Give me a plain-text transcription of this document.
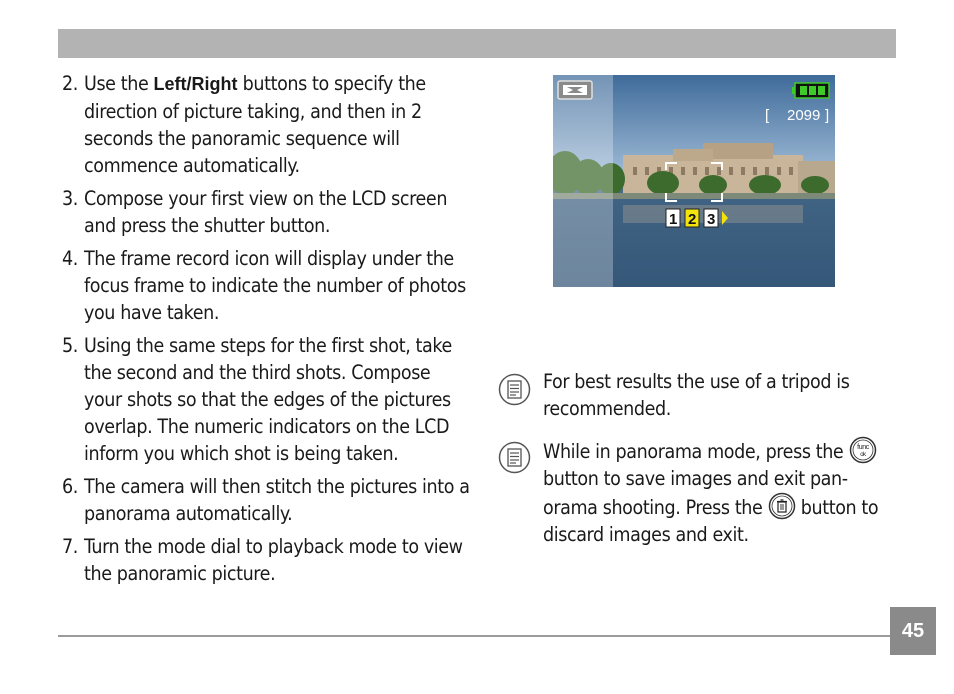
2. Use the Left/Right buttons to specify the direction of picture taking, and then in 2 seconds the panoramic sequence will commence automatically.
3. Compose your first view on the LCD screen and press the shutter button.
4. The frame record icon will display under the focus frame to indicate the number of photos you have taken.
5. Using the same steps for the first shot, take the second and the third shots. Compose your shots so that the edges of the pictures overlap. The numeric indicators on the LCD inform you which shot is being taken.
6. The camera will then stitch the pictures into a panorama automatically.
7. Turn the mode dial to playback mode to view the panoramic picture.
[ 2099 ]
1 2 3
For best results the use of a tripod is recommended.
While in panorama mode, press the func
ok
button to save images and exit pan-orama shooting. Press the  button to discard images and exit.
45
